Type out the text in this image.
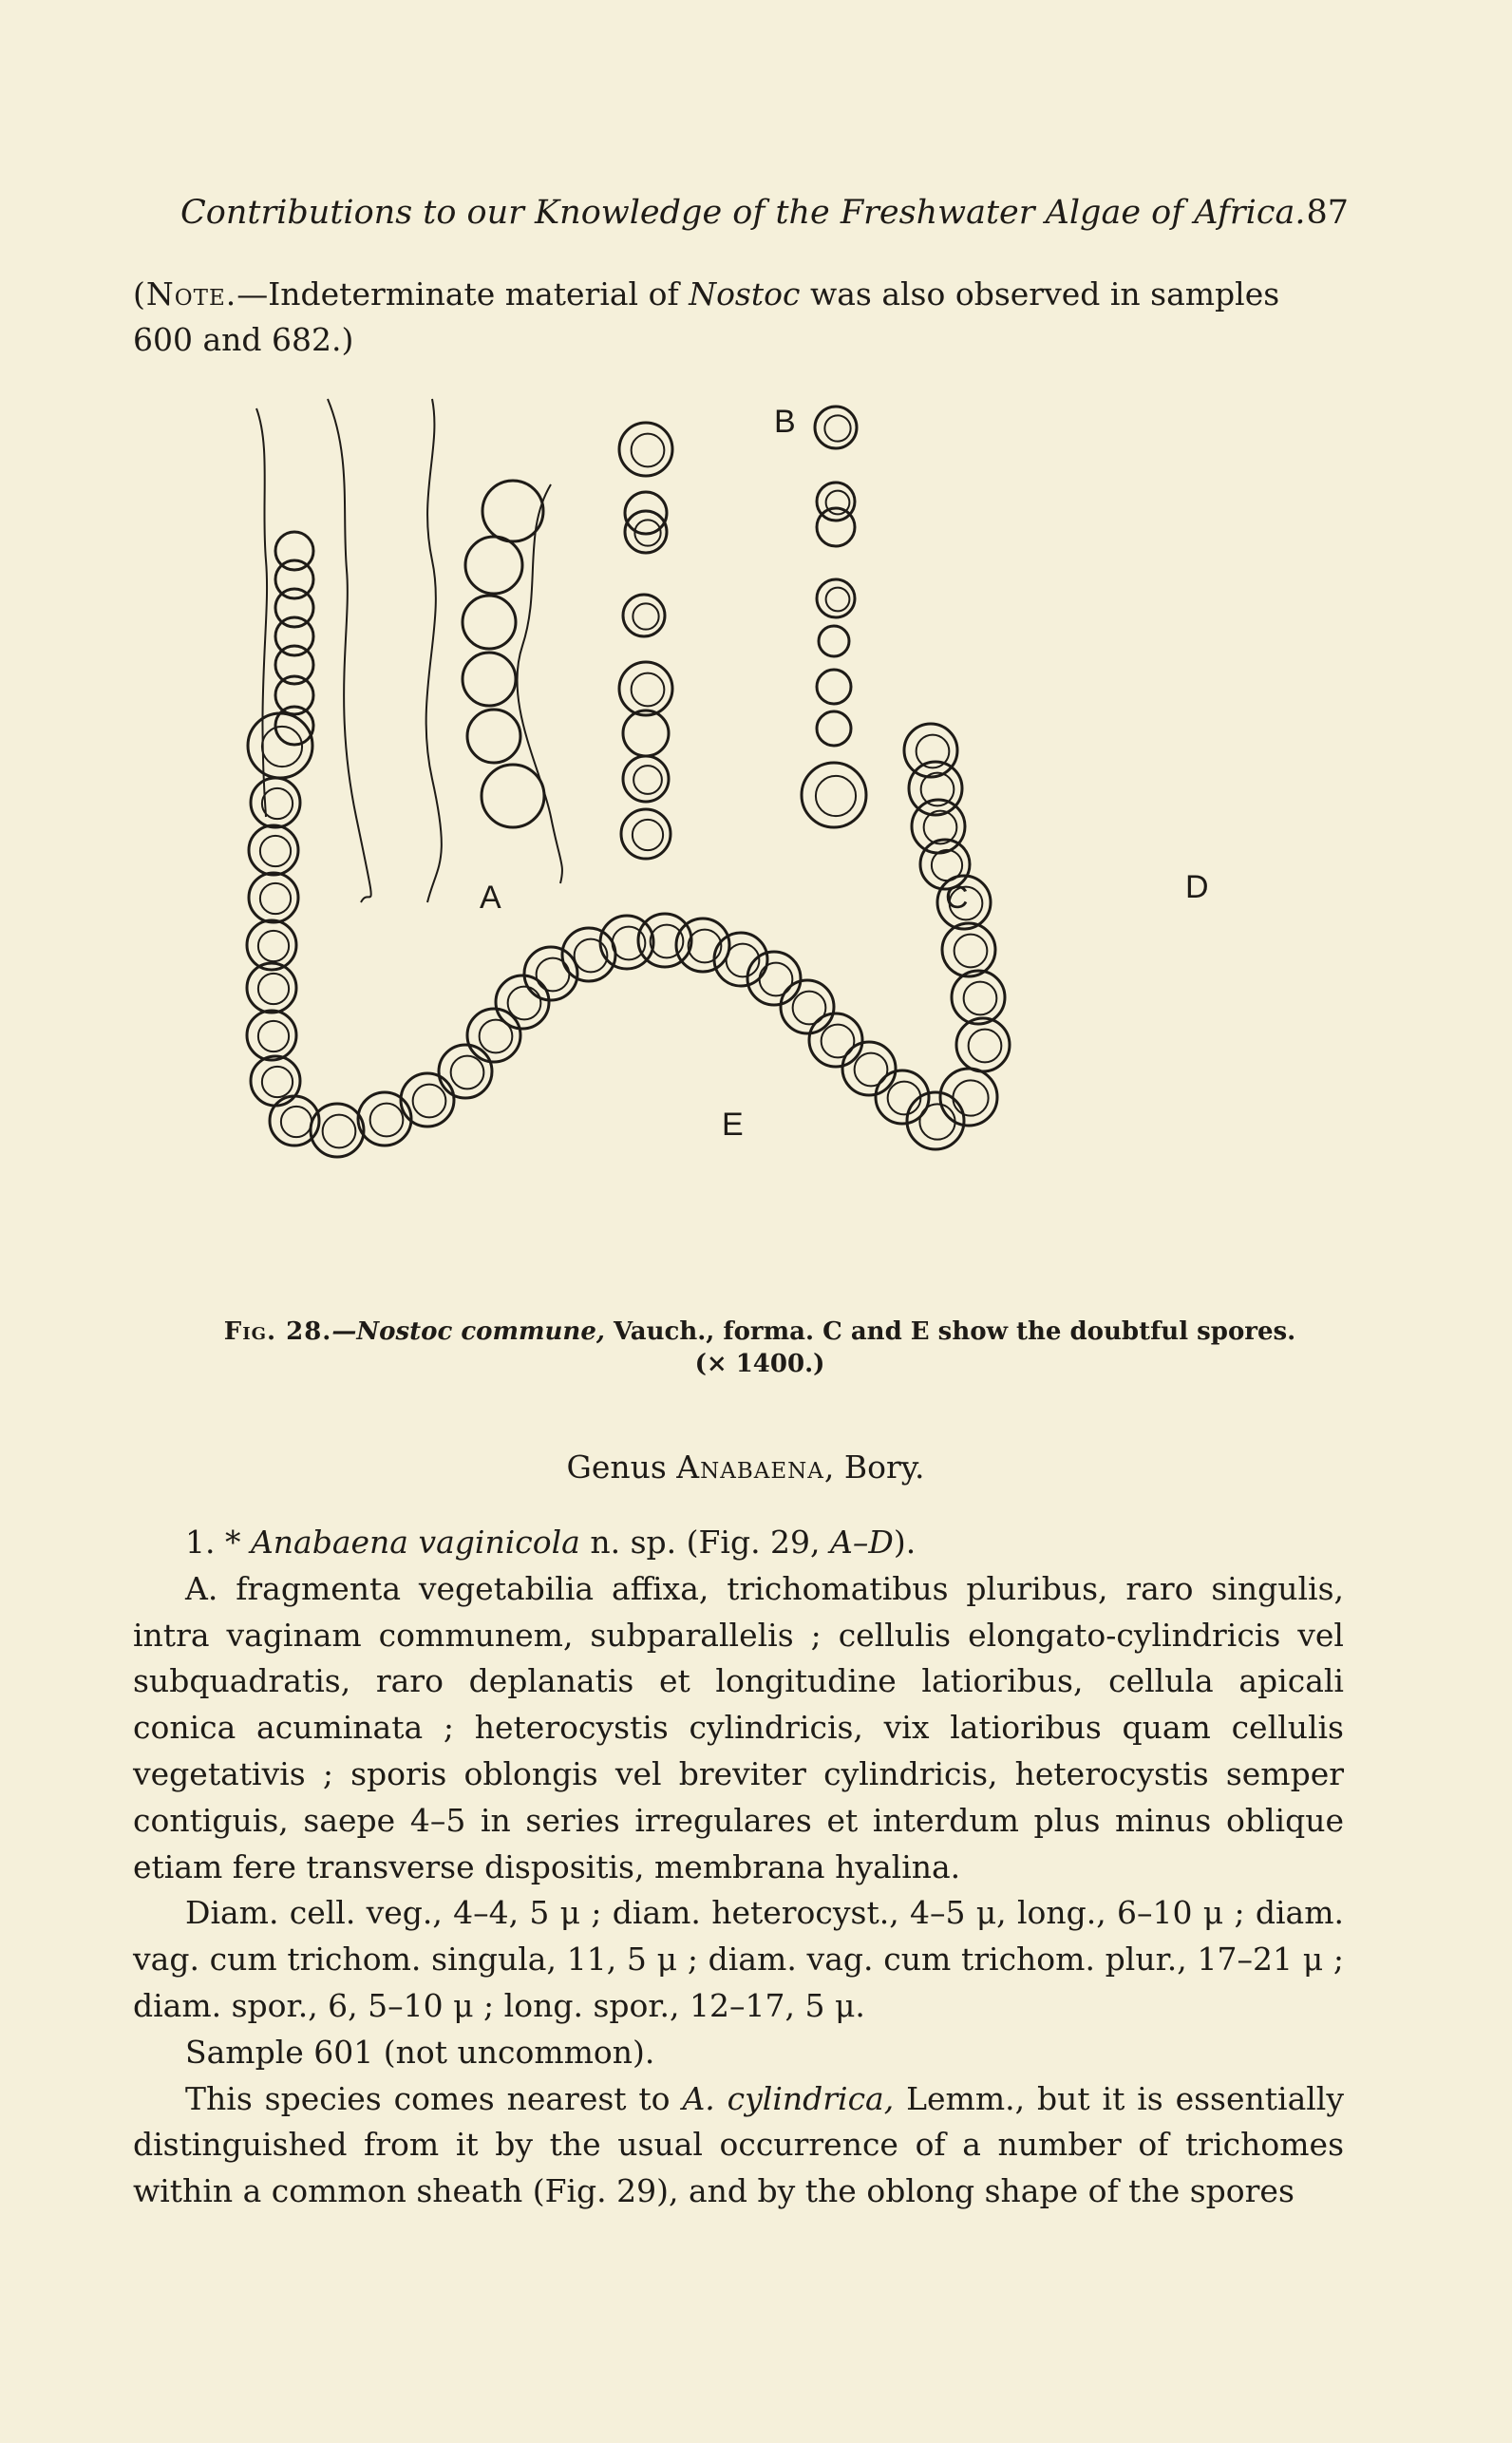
Contributions to our Knowledge of the Freshwater Algae of Africa. 87
(Note.—Indeterminate material of Nostoc was also observed in samples 600 and 682.)
A
B
C	D
E
Fig. 28.—Nostoc commune, Vauch., forma. C and E show the doubtful spores.
(× 1400.)
Genus Anabaena, Bory.

1. * Anabaena vaginicola n. sp. (Fig. 29, A–D).

A. fragmenta vegetabilia affixa, trichomatibus pluribus, raro singulis, intra vaginam communem, subparallelis ; cellulis elongato-cylindricis vel subquadratis, raro deplanatis et longitudine latioribus, cellula apicali conica acuminata ; heterocystis cylindricis, vix latioribus quam cellulis vegetativis ; sporis oblongis vel breviter cylindricis, heterocystis semper contiguis, saepe 4–5 in series irregulares et interdum plus minus oblique etiam fere transverse dispositis, membrana hyalina.

Diam. cell. veg., 4–4, 5 μ ; diam. heterocyst., 4–5 μ, long., 6–10 μ ; diam. vag. cum trichom. singula, 11, 5 μ ; diam. vag. cum trichom. plur., 17–21 μ ; diam. spor., 6, 5–10 μ ; long. spor., 12–17, 5 μ.

Sample 601 (not uncommon).

This species comes nearest to A. cylindrica, Lemm., but it is essentially distinguished from it by the usual occurrence of a number of trichomes within a common sheath (Fig. 29), and by the oblong shape of the spores
